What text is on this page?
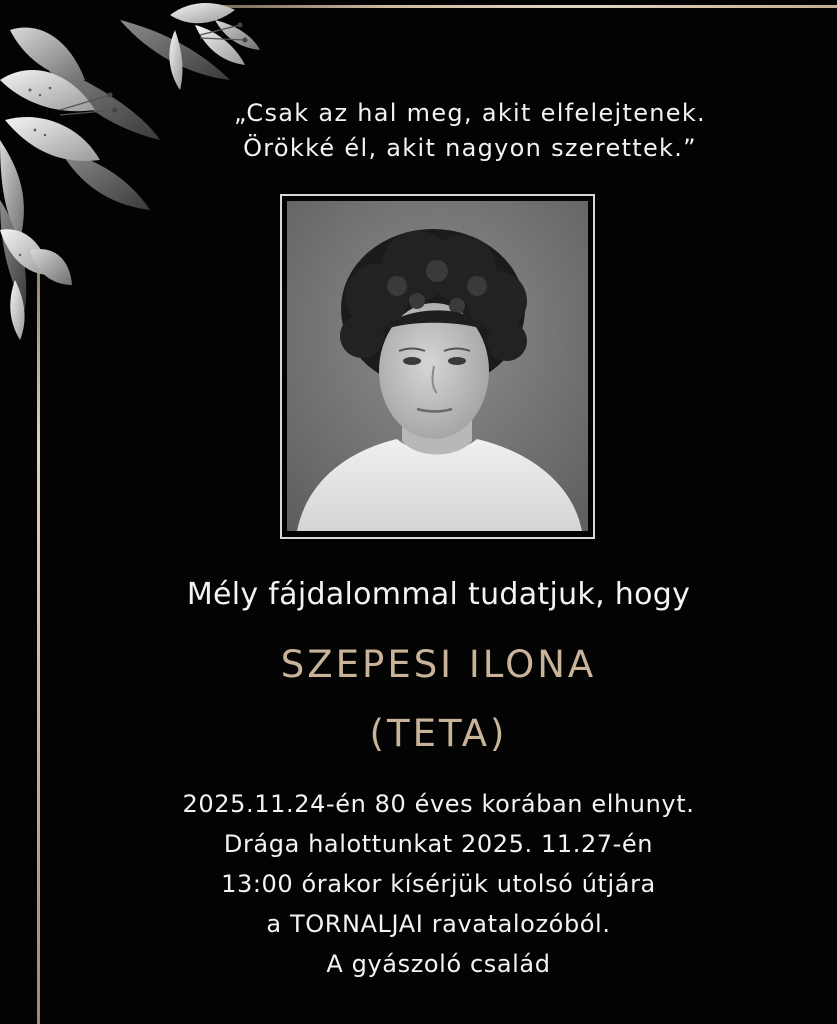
„Csak az hal meg, akit elfelejtenek.
Örökké él, akit nagyon szerettek.”
Mély fájdalommal tudatjuk, hogy
SZEPESI ILONA
(TETA)
2025.11.24-én 80 éves korában elhunyt.
Drága halottunkat 2025. 11.27-én
13:00 órakor kísérjük utolsó útjára
a TORNALJAI ravatalozóból.
A gyászoló család
